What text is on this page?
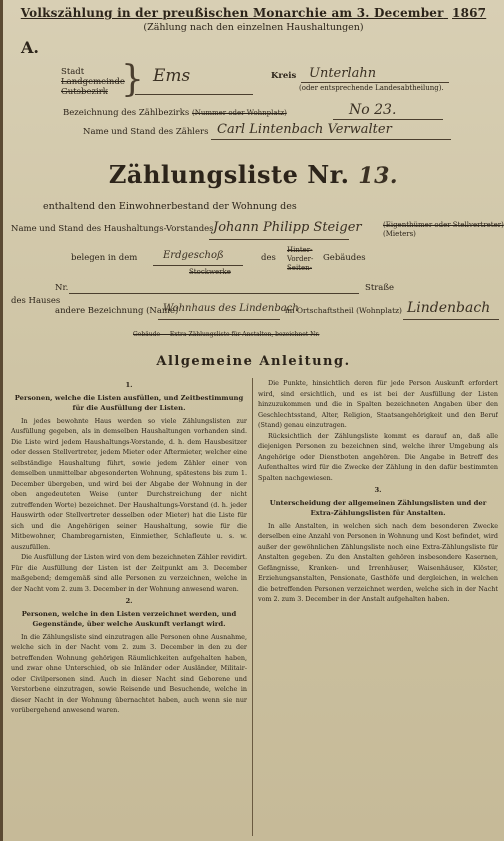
Volkszählung in der preußischen Monarchie am 3. December 1867
(Zählung nach den einzelnen Haushaltungen)
A.
Stadt
Landgemeinde
Gutsbezirk } Ems	Kreis Unterlahn
(oder entsprechende Landesabtheilung).
Bezeichnung des Zählbezirks (Nummer oder Wohnplatz)	No 23.
Name und Stand des Zählers Carl Lintenbach Verwalter
Zählungsliste Nr. 13.
enthaltend den Einwohnerbestand der Wohnung des
Name und Stand des Haushaltungs-Vorstandes Johann Philipp Steiger	(Eigenthümer oder Stellvertreter)
(Mieters)
belegen in dem	Erdgeschoß
Stockwerke
des
Hinter-
Vorder-
Seiten-
Gebäudes
des Hauses
Nr.	Straße
andere Bezeichnung (Name)
Wohnhaus des Lindenbach
im Ortschaftstheil (Wohnplatz) Lindenbach
Gebäude — Extra-Zählungsliste für Anstalten, bezeichnet Nr.
Allgemeine Anleitung.
1.
Personen, welche die Listen ausfüllen, und Zeitbestimmung für die Ausfüllung der Listen.

In jedes bewohnte Haus werden so viele Zählungslisten zur Ausfüllung gegeben, als in demselben Haushaltungen vorhanden sind. Die Liste wird jedem Haushaltungs-Vorstande, d. h. dem Hausbesitzer oder dessen Stellvertreter, jedem Mieter oder Aftermieter, welcher eine selbständige Haushaltung führt, sowie jedem Zähler einer von demselben unmittelbar abgesonderten Wohnung, spätestens bis zum 1. December übergeben, und wird bei der Abgabe der Wohnung in der oben angedeuteten Weise (unter Durchstreichung der nicht zutreffenden Worte) bezeichnet. Der Haushaltungs-Vorstand (d. h. jeder Hauswirth oder Stellvertreter desselben oder Mieter) hat die Liste für sich und die Angehörigen seiner Haushaltung, sowie für die Mitbewohner, Chambregarnisten, Einmiether, Schlafleute u. s. w. auszufüllen.

Die Ausfüllung der Listen wird von dem bezeichneten Zähler revidirt. Für die Ausfüllung der Listen ist der Zeitpunkt am 3. December maßgebend; demgemäß sind alle Personen zu verzeichnen, welche in der Nacht vom 2. zum 3. December in der Wohnung anwesend waren.

2.
Personen, welche in den Listen verzeichnet werden, und Gegenstände, über welche Auskunft verlangt wird.

In die Zählungsliste sind einzutragen alle Personen ohne Ausnahme, welche sich in der Nacht vom 2. zum 3. December in den zu der betreffenden Wohnung gehörigen Räumlichkeiten aufgehalten haben, und zwar ohne Unterschied, ob sie Inländer oder Ausländer, Militair- oder Civilpersonen sind. Auch in dieser Nacht sind Geborene und Verstorbene einzutragen, sowie Reisende und Besuchende, welche in dieser Nacht in der Wohnung übernachtet haben, auch wenn sie nur vorübergehend anwesend waren.

Die Punkte, hinsichtlich deren für jede Person Auskunft erfordert wird, sind ersichtlich, und es ist bei der Ausfüllung der Listen hinzuzukommen und die in Spalten bezeichneten Angaben über den Geschlechtsstand, Alter, Religion, Staatsangehörigkeit und den Beruf (Stand) genau einzutragen.

Rücksichtlich der Zählungsliste kommt es darauf an, daß alle diejenigen Personen zu bezeichnen sind, welche ihrer Umgebung als Angehörige oder Dienstboten angehören. Die Angabe in Betreff des Aufenthaltes wird für die Zwecke der Zählung in den dafür bestimmten Spalten nachgewiesen.

3.
Unterscheidung der allgemeinen Zählungslisten und der Extra-Zählungslisten für Anstalten.

In alle Anstalten, in welchen sich nach dem besonderen Zwecke derselben eine Anzahl von Personen in Wohnung und Kost befindet, wird außer der gewöhnlichen Zählungsliste noch eine Extra-Zählungsliste für Anstalten gegeben. Zu den Anstalten gehören insbesondere Kasernen, Gefängnisse, Kranken- und Irrenhäuser, Waisenhäuser, Klöster, Erziehungsanstalten, Pensionate, Gasthöfe und dergleichen, in welchen die betreffenden Personen verzeichnet werden, welche sich in der Nacht vom 2. zum 3. December in der Anstalt aufgehalten haben.
